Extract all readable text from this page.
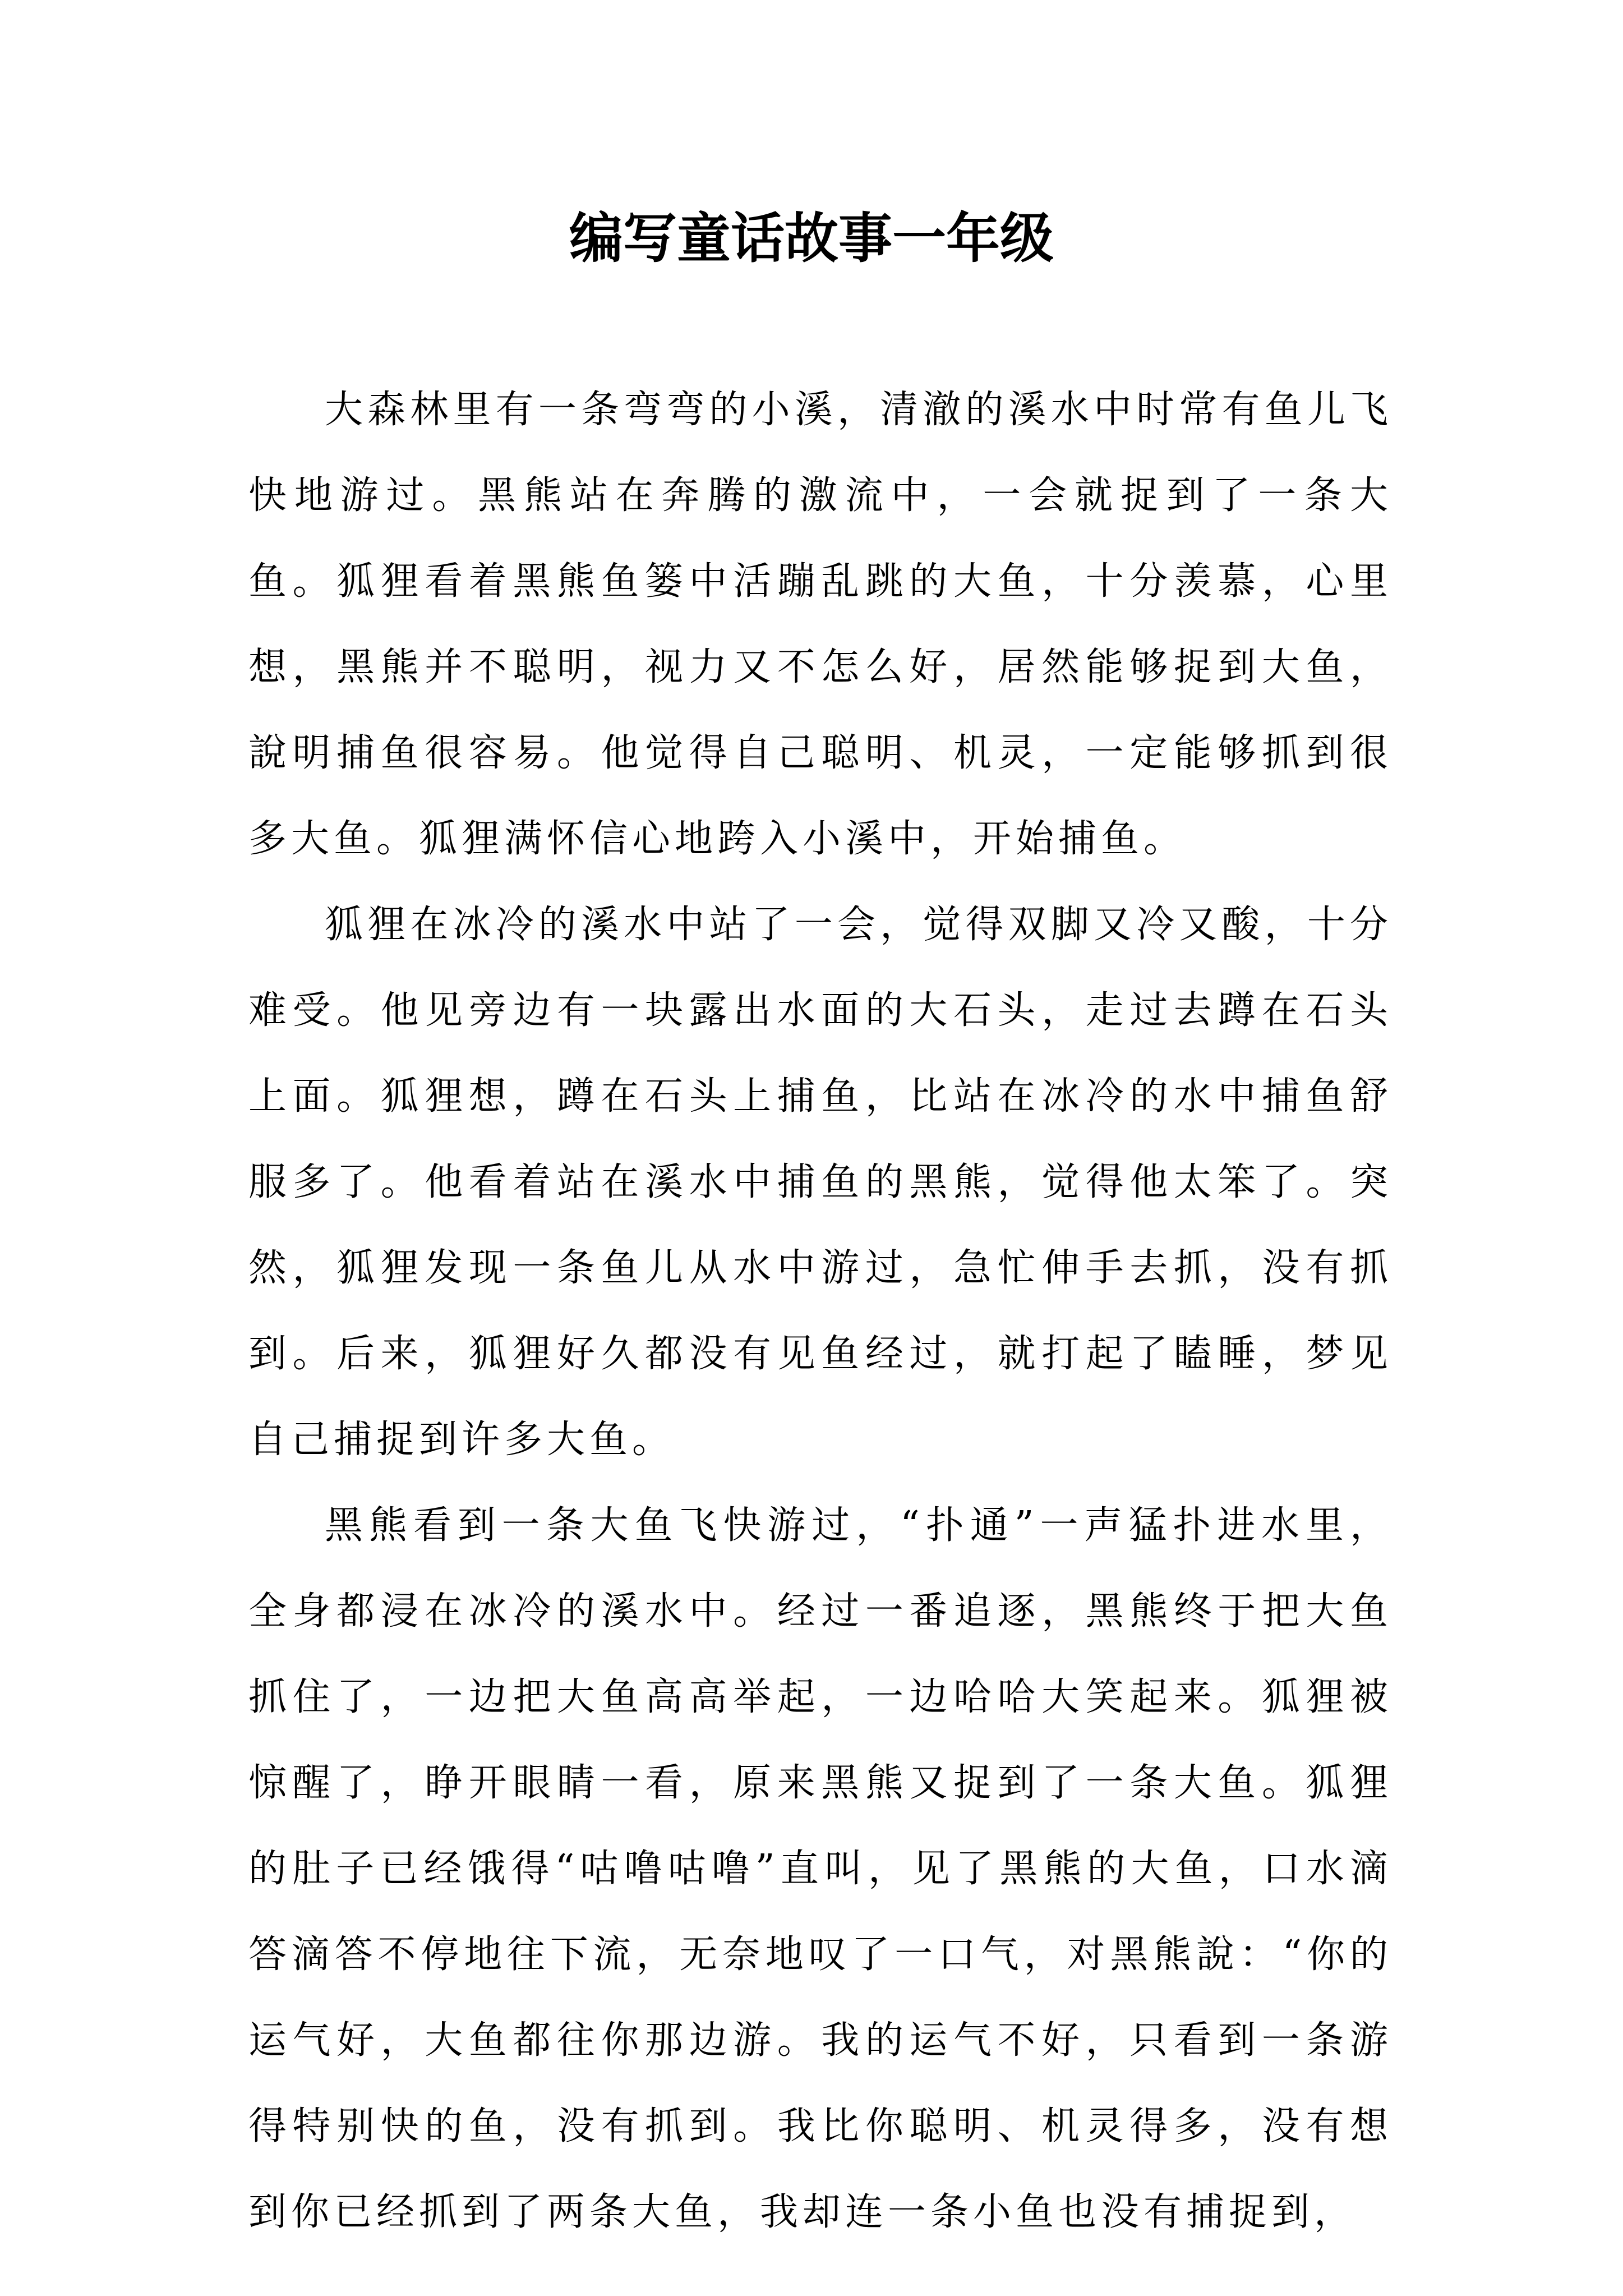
编写童话故事一年级

大森林里有一条弯弯的小溪，清澈的溪水中时常有鱼儿飞快地游过。黑熊站在奔腾的激流中，一会就捉到了一条大鱼。狐狸看着黑熊鱼篓中活蹦乱跳的大鱼，十分羡慕，心里想，黑熊并不聪明，视力又不怎么好，居然能够捉到大鱼，說明捕鱼很容易。他觉得自己聪明、机灵，一定能够抓到很多大鱼。狐狸满怀信心地跨入小溪中，开始捕鱼。

狐狸在冰冷的溪水中站了一会，觉得双脚又冷又酸，十分难受。他见旁边有一块露出水面的大石头，走过去蹲在石头上面。狐狸想，蹲在石头上捕鱼，比站在冰冷的水中捕鱼舒服多了。他看着站在溪水中捕鱼的黑熊，觉得他太笨了。突然，狐狸发现一条鱼儿从水中游过，急忙伸手去抓，没有抓到。后来，狐狸好久都没有见鱼经过，就打起了瞌睡，梦见自己捕捉到许多大鱼。

黑熊看到一条大鱼飞快游过，“扑通”一声猛扑进水里，全身都浸在冰冷的溪水中。经过一番追逐，黑熊终于把大鱼抓住了，一边把大鱼高高举起，一边哈哈大笑起来。狐狸被惊醒了，睁开眼睛一看，原来黑熊又捉到了一条大鱼。狐狸的肚子已经饿得“咕噜咕噜”直叫，见了黑熊的大鱼，口水滴答滴答不停地往下流，无奈地叹了一口气，对黑熊說：“你的运气好，大鱼都往你那边游。我的运气不好，只看到一条游得特别快的鱼，没有抓到。我比你聪明、机灵得多，没有想到你已经抓到了两条大鱼，我却连一条小鱼也没有捕捉到，
